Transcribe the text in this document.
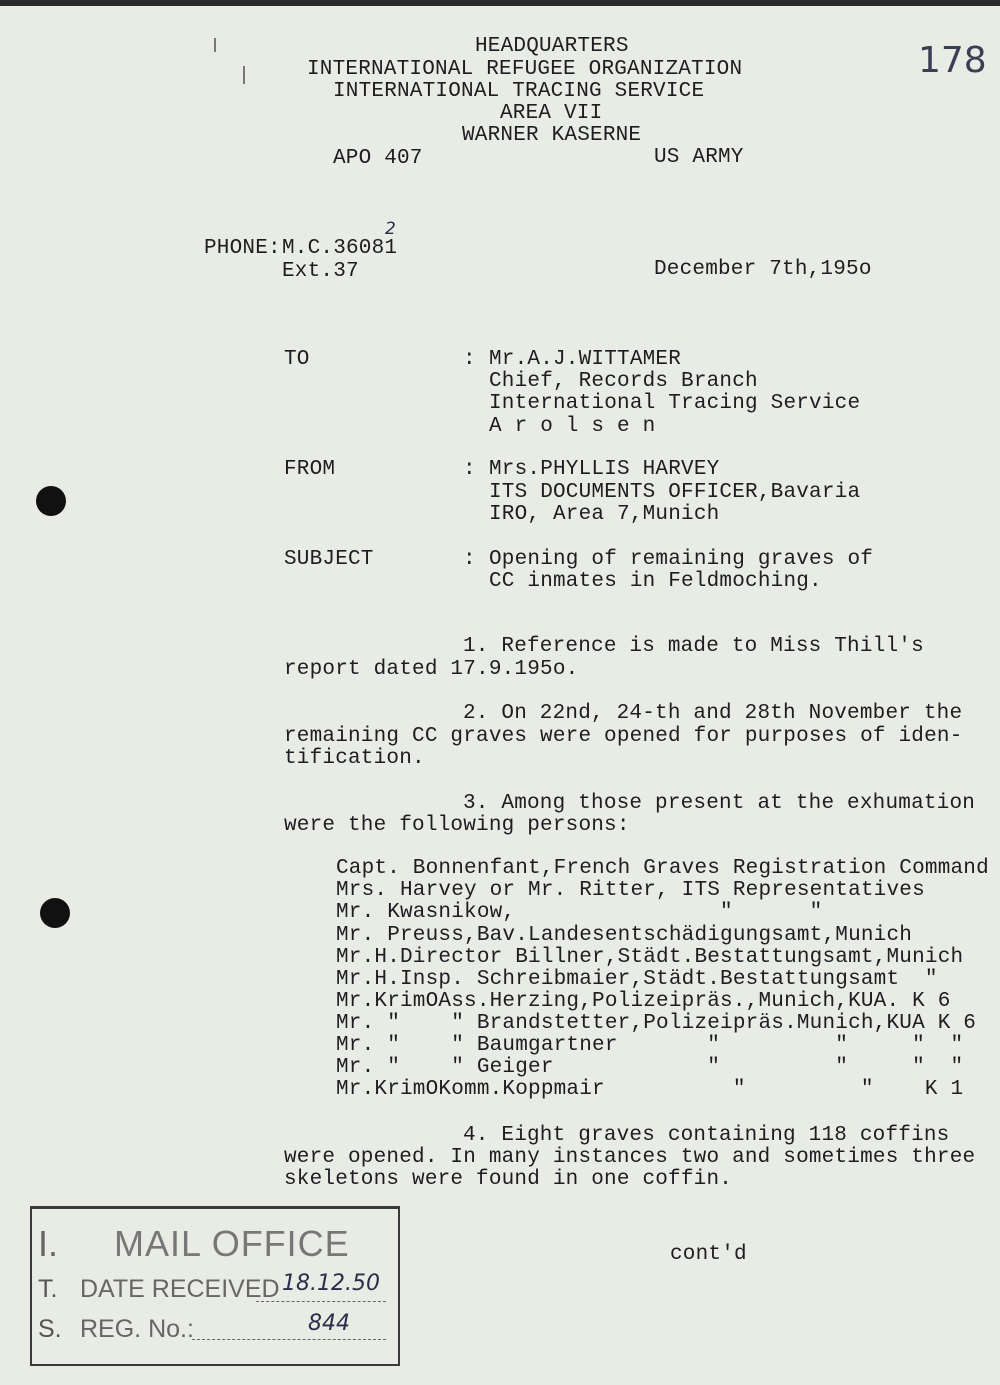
HEADQUARTERS
INTERNATIONAL REFUGEE ORGANIZATION
INTERNATIONAL TRACING SERVICE
AREA VII
WARNER KASERNE
APO 407	US ARMY
178
PHONE: M.C.36081
2
Ext.37	December 7th,195o
TO	: Mr.A.J.WITTAMER
Chief, Records Branch
International Tracing Service
A r o l s e n
FROM	: Mrs.PHYLLIS HARVEY
ITS DOCUMENTS OFFICER,Bavaria
IRO, Area 7,Munich
SUBJECT	: Opening of remaining graves of
CC inmates in Feldmoching.
1. Reference is made to Miss Thill's
report dated 17.9.195o.
2. On 22nd, 24-th and 28th November the
remaining CC graves were opened for purposes of iden-
tification.
3. Among those present at the exhumation
were the following persons:
Capt. Bonnenfant,French Graves Registration Command
Mrs. Harvey or Mr. Ritter, ITS Representatives
Mr. Kwasnikow,                "      "
Mr. Preuss,Bav.Landesentschädigungsamt,Munich
Mr.H.Director Billner,Städt.Bestattungsamt,Munich
Mr.H.Insp. Schreibmaier,Städt.Bestattungsamt  "
Mr.KrimOAss.Herzing,Polizeipräs.,Munich,KUA. K 6
Mr. "    " Brandstetter,Polizeipräs.Munich,KUA K 6
Mr. "    " Baumgartner       "         "     "  "
Mr. "    " Geiger            "         "     "  "
Mr.KrimOKomm.Koppmair          "         "    K 1
4. Eight graves containing 118 coffins
were opened. In many instances two and sometimes three
skeletons were found in one coffin.
cont'd
I. MAIL OFFICE
T. DATE RECEIVED 18.12.50
S. REG. No.:	844
